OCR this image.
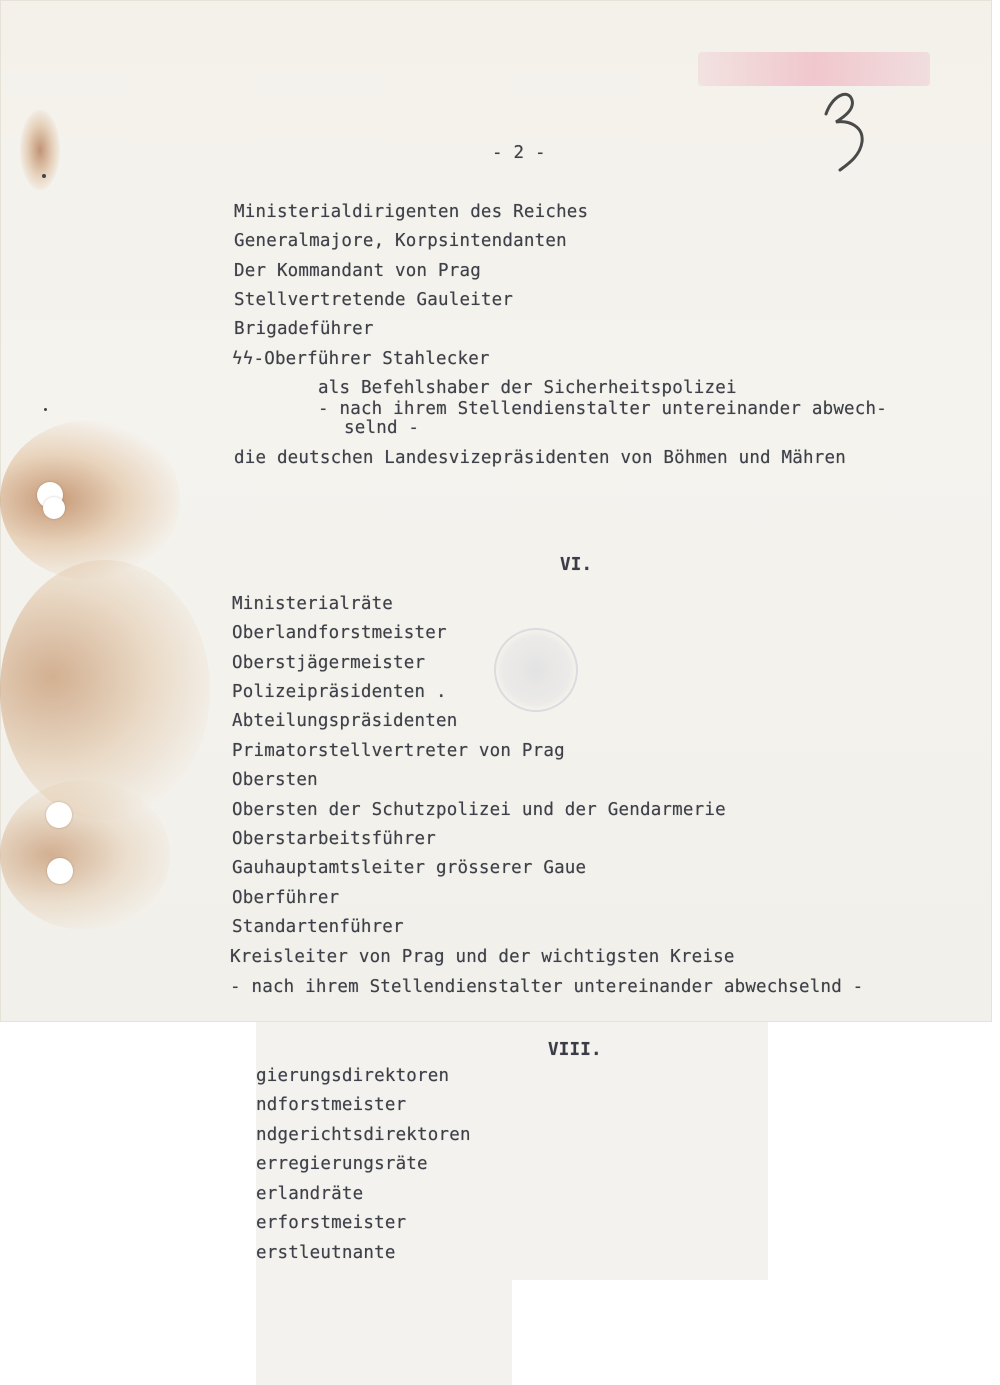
- 2 -

Ministerialdirigenten des Reiches

Generalmajore, Korpsintendanten

Der Kommandant von Prag

Stellvertretende Gauleiter

Brigadeführer

ϟϟ-Oberführer Stahlecker

als Befehlshaber der Sicherheitspolizei

- nach ihrem Stellendienstalter untereinander abwech-

selnd -

die deutschen Landesvizepräsidenten von Böhmen und Mähren

VI.

Ministerialräte

Oberlandforstmeister

Oberstjägermeister

Polizeipräsidenten .

Abteilungspräsidenten

Primatorstellvertreter von Prag

Obersten

Obersten der Schutzpolizei und der Gendarmerie

Oberstarbeitsführer

Gauhauptamtsleiter grösserer Gaue

Oberführer

Standartenführer

Kreisleiter von Prag und der wichtigsten Kreise

- nach ihrem Stellendienstalter untereinander abwechselnd -

VIII.

gierungsdirektoren

ndforstmeister

ndgerichtsdirektoren

erregierungsräte

erlandräte

erforstmeister

erstleutnante
